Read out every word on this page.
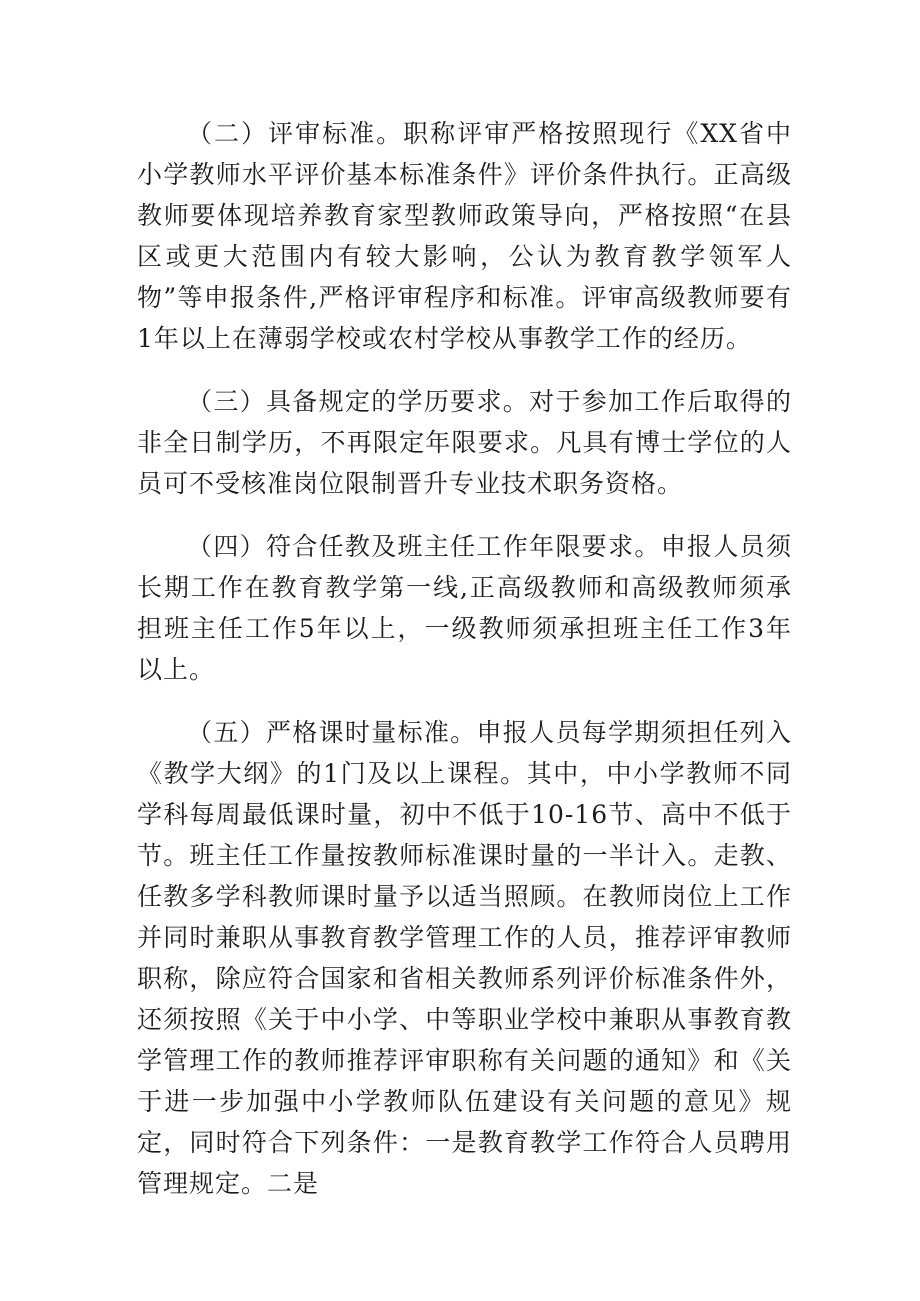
（二）评审标准。职称评审严格按照现行《XX省中小学教师水平评价基本标准条件》评价条件执行。正高级教师要体现培养教育家型教师政策导向，严格按照“在县区或更大范围内有较大影响，公认为教育教学领军人物”等申报条件,严格评审程序和标准。评审高级教师要有1年以上在薄弱学校或农村学校从事教学工作的经历。

（三）具备规定的学历要求。对于参加工作后取得的非全日制学历，不再限定年限要求。凡具有博士学位的人员可不受核准岗位限制晋升专业技术职务资格。

（四）符合任教及班主任工作年限要求。申报人员须长期工作在教育教学第一线,正高级教师和高级教师须承担班主任工作5年以上，一级教师须承担班主任工作3年以上。

（五）严格课时量标准。申报人员每学期须担任列入《教学大纲》的1门及以上课程。其中，中小学教师不同学科每周最低课时量，初中不低于10-16节、高中不低于节。班主任工作量按教师标准课时量的一半计入。走教、任教多学科教师课时量予以适当照顾。在教师岗位上工作并同时兼职从事教育教学管理工作的人员，推荐评审教师职称，除应符合国家和省相关教师系列评价标准条件外，还须按照《关于中小学、中等职业学校中兼职从事教育教学管理工作的教师推荐评审职称有关问题的通知》和《关于进一步加强中小学教师队伍建设有关问题的意见》规定，同时符合下列条件：一是教育教学工作符合人员聘用管理规定。二是
